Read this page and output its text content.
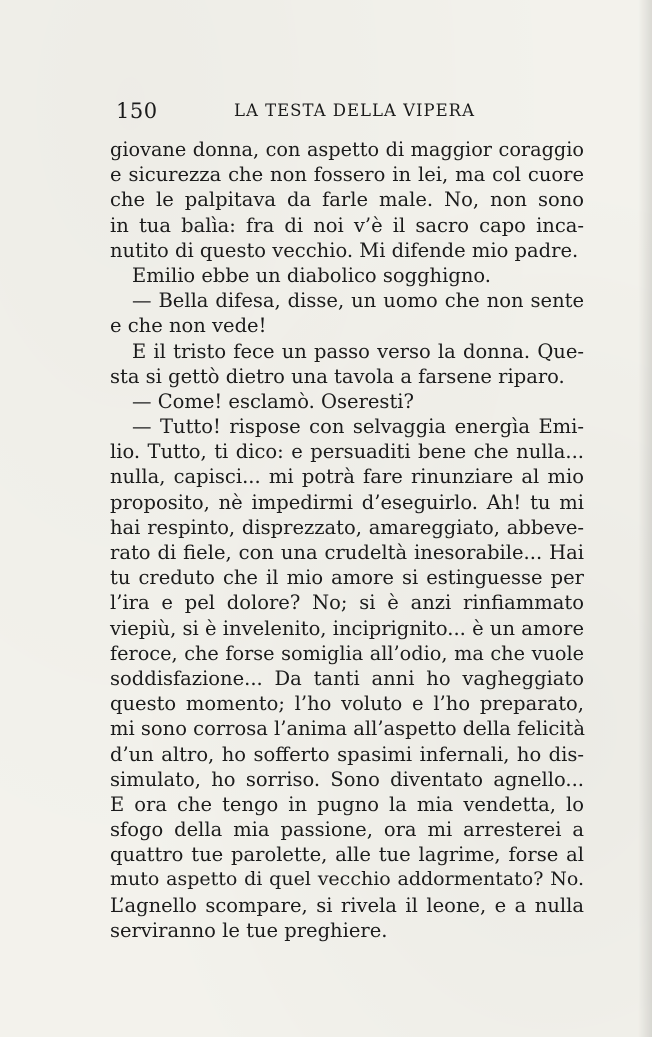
150	LA TESTA DELLA VIPERA
giovane donna, con aspetto di maggior coraggio
e sicurezza che non fossero in lei, ma col cuore
che le palpitava da farle male. No, non sono
in tua balìa: fra di noi v’è il sacro capo inca-
nutito di questo vecchio. Mi difende mio padre.
Emilio ebbe un diabolico sogghigno.
— Bella difesa, disse, un uomo che non sente
e che non vede!
E il tristo fece un passo verso la donna. Que-
sta si gettò dietro una tavola a farsene riparo.
— Come! esclamò. Oseresti?
— Tutto! rispose con selvaggia energìa Emi-
lio. Tutto, ti dico: e persuaditi bene che nulla...
nulla, capisci... mi potrà fare rinunziare al mio
proposito, nè impedirmi d’eseguirlo. Ah! tu mi
hai respinto, disprezzato, amareggiato, abbeve-
rato di fiele, con una crudeltà inesorabile... Hai
tu creduto che il mio amore si estinguesse per
l’ira e pel dolore? No; si è anzi rinfiammato
viepiù, si è invelenito, inciprignito... è un amore
feroce, che forse somiglia all’odio, ma che vuole
soddisfazione... Da tanti anni ho vagheggiato
questo momento; l’ho voluto e l’ho preparato,
mi sono corrosa l’anima all’aspetto della felicità
d’un altro, ho sofferto spasimi infernali, ho dis-
simulato, ho sorriso. Sono diventato agnello...
E ora che tengo in pugno la mia vendetta, lo
sfogo della mia passione, ora mi arresterei a
quattro tue parolette, alle tue lagrime, forse al
muto aspetto di quel vecchio addormentato? No.
L’agnello scompare, si rivela il leone, e a nulla
serviranno le tue preghiere.
